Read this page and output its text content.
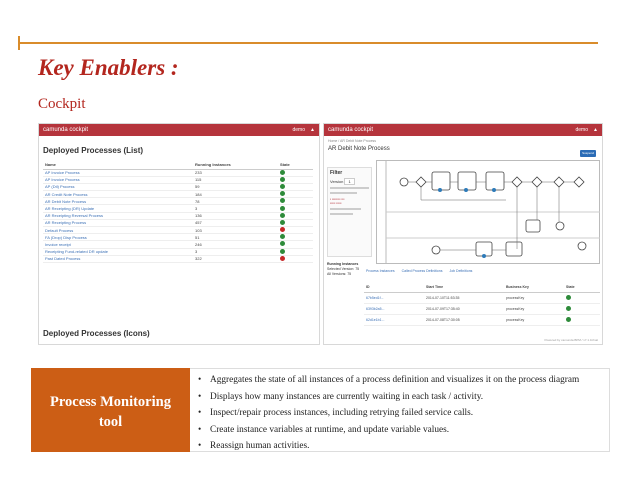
Key Enablers :
Cockpit
camunda cockpit	demo ▲
Deployed Processes (List)
Name	Running Instances	State
AP Invoice Process	233	
AP Invoice Process	115	
AP (Dtl) Process	59	
AR Credit Note Process	184	
AR Debit Note Process	78	
AR Receipting (DR) Update	3	
AR Receipting Reversal Process	136	
AR Receipting Process	457	
Default Process	103	
FA (Drop) Disp Process	51	
Invoice receipt	246	
Receipting Fund-related DR update	3	
Past Dated Process	322	
Deployed Processes (Icons)
camunda cockpit	demo ▲
Home / AR Debit Note Process
AR Debit Note Process
Suspend
Filter
Version 1
▪ ▪▪▪▪▪▪▪▪ ▪▪▪
▪▪▪▪▪ ▪▪▪▪▪
Running Instances
Selected Version: 75
All Versions: 75
Process Instances Called Process Definitions Job Definitions
ID	Start Time	Business Key	State
67b5ed1f...	2014-07-10T11:53:35	processKey	
6393b2a5...	2014-07-09T17:35:40	processKey	
62d1e1b1...	2014-07-08T17:30:05	processKey	
Powered by camunda BPM / v7.1.0-final
Process Monitoring
tool
• Aggregates the state of all instances of a process definition and visualizes it on the process diagram
• Displays how many instances are currently waiting in each task / activity.
• Inspect/repair process instances, including retrying failed service calls.
• Create instance variables at runtime, and update variable values.
• Reassign human activities.
